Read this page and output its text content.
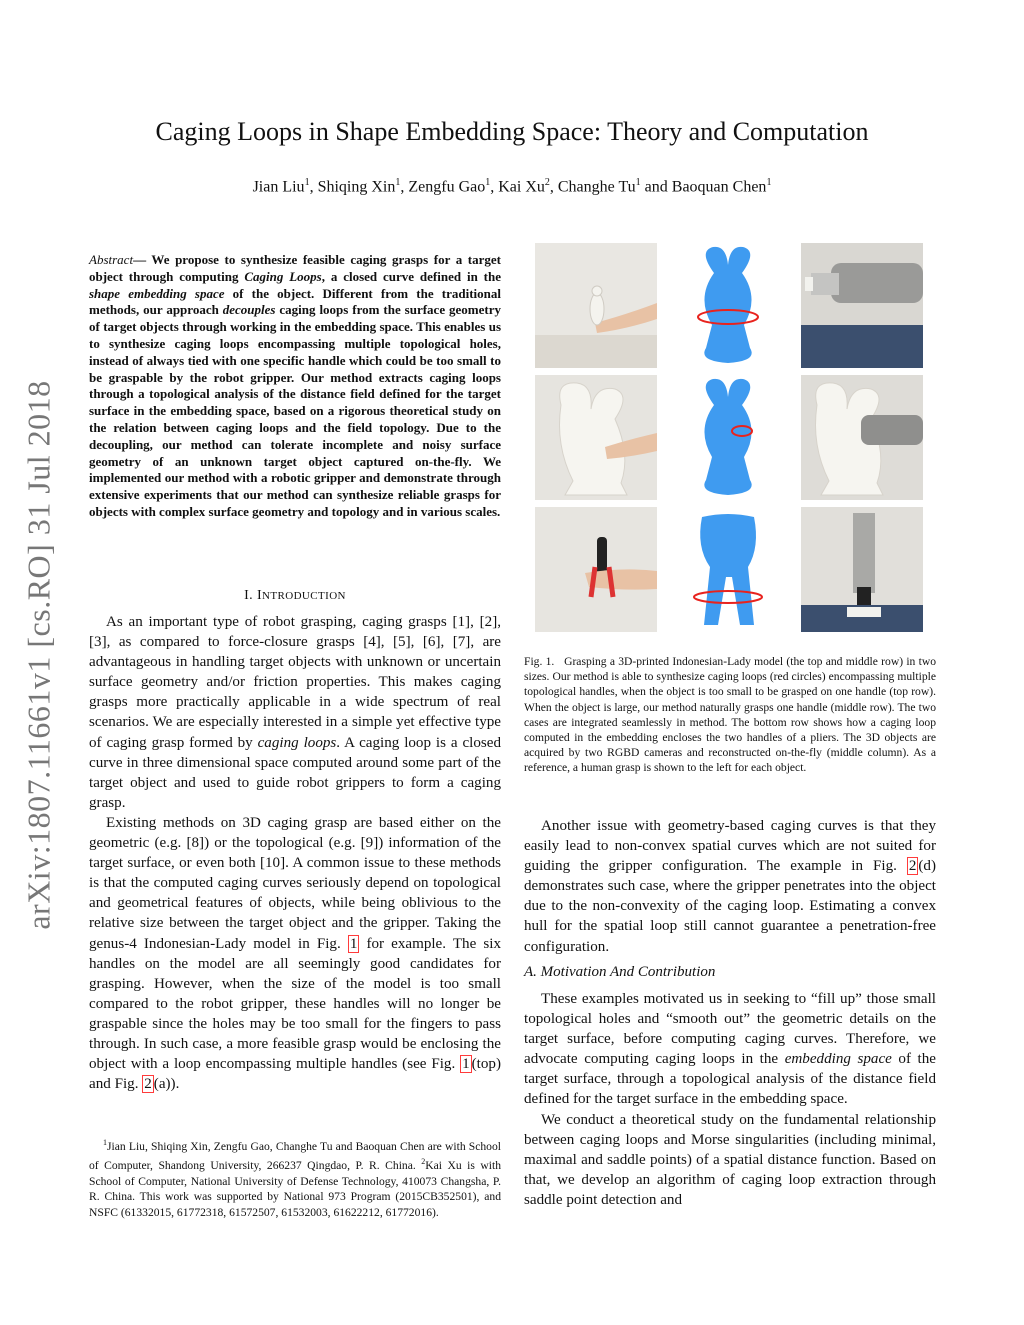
arXiv:1807.11661v1 [cs.RO] 31 Jul 2018
Caging Loops in Shape Embedding Space: Theory and Computation
Jian Liu$^1$, Shiqing Xin$^1$, Zengfu Gao$^1$, Kai Xu$^2$, Changhe Tu$^1$ and Baoquan Chen$^1$
Abstract— We propose to synthesize feasible caging grasps for a target object through computing Caging Loops, a closed curve defined in the shape embedding space of the object. Different from the traditional methods, our approach decouples caging loops from the surface geometry of target objects through working in the embedding space. This enables us to synthesize caging loops encompassing multiple topological holes, instead of always tied with one specific handle which could be too small to be graspable by the robot gripper. Our method extracts caging loops through a topological analysis of the distance field defined for the target surface in the embedding space, based on a rigorous theoretical study on the relation between caging loops and the field topology. Due to the decoupling, our method can tolerate incomplete and noisy surface geometry of an unknown target object captured on-the-fly. We implemented our method with a robotic gripper and demonstrate through extensive experiments that our method can synthesize reliable grasps for objects with complex surface geometry and topology and in various scales.
I. INTRODUCTION

As an important type of robot grasping, caging grasps [1], [2], [3], as compared to force-closure grasps [4], [5], [6], [7], are advantageous in handling target objects with unknown or uncertain surface geometry and/or friction properties. This makes caging grasps more practically applicable in a wide spectrum of real scenarios. We are especially interested in a simple yet effective type of caging grasp formed by caging loops. A caging loop is a closed curve in three dimensional space computed around some part of the target object and used to guide robot grippers to form a caging grasp.

Existing methods on 3D caging grasp are based either on the geometric (e.g. [8]) or the topological (e.g. [9]) information of the target surface, or even both [10]. A common issue to these methods is that the computed caging curves seriously depend on topological and geometrical features of objects, while being oblivious to the relative size between the target object and the gripper. Taking the genus-4 Indonesian-Lady model in Fig. 1 for example. The six handles on the model are all seemingly good candidates for grasping. However, when the size of the model is too small compared to the robot gripper, these handles will no longer be graspable since the holes may be too small for the fingers to pass through. In such case, a more feasible grasp would be enclosing the object with a loop encompassing multiple handles (see Fig. 1 (top) and Fig. 2 (a)).

$^1$Jian Liu, Shiqing Xin, Zengfu Gao, Changhe Tu and Baoquan Chen are with School of Computer, Shandong University, 266237 Qingdao, P. R. China. $^2$Kai Xu is with School of Computer, National University of Defense Technology, 410073 Changsha, P. R. China. This work was supported by National 973 Program (2015CB352501), and NSFC (61332015, 61772318, 61572507, 61532003, 61622212, 61772016).

Fig. 1. Grasping a 3D-printed Indonesian-Lady model (the top and middle row) in two sizes. Our method is able to synthesize caging loops (red circles) encompassing multiple topological handles, when the object is too small to be grasped on one handle (top row). When the object is large, our method naturally grasps one handle (middle row). The two cases are integrated seamlessly in method. The bottom row shows how a caging loop computed in the embedding encloses the two handles of a pliers. The 3D objects are acquired by two RGBD cameras and reconstructed on-the-fly (middle column). As a reference, a human grasp is shown to the left for each object.

Another issue with geometry-based caging curves is that they easily lead to non-convex spatial curves which are not suited for guiding the gripper configuration. The example in Fig. 2 (d) demonstrates such case, where the gripper penetrates into the object due to the non-convexity of the caging loop. Estimating a convex hull for the spatial loop still cannot guarantee a penetration-free configuration.

A. Motivation And Contribution

These examples motivated us in seeking to “fill up” those small topological holes and “smooth out” the geometric details on the target surface, before computing caging curves. Therefore, we advocate computing caging loops in the embedding space of the target surface, through a topological analysis of the distance field defined for the target surface in the embedding space.

We conduct a theoretical study on the fundamental relationship between caging loops and Morse singularities (including minimal, maximal and saddle points) of a spatial distance function. Based on that, we develop an algorithm of caging loop extraction through saddle point detection and
